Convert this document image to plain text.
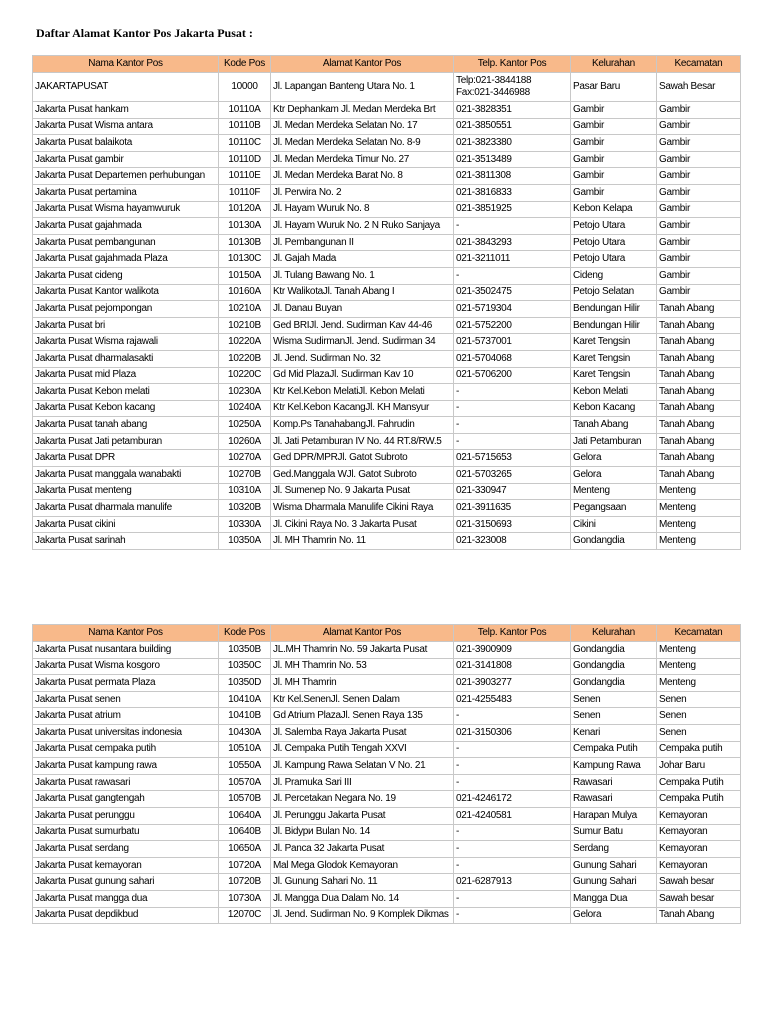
Daftar Alamat Kantor Pos Jakarta Pusat :
Nama Kantor Pos	Kode Pos	Alamat Kantor Pos	Telp. Kantor Pos	Kelurahan	Kecamatan
JAKARTAPUSAT	10000	Jl. Lapangan Banteng Utara No. 1	Telp:021-3844188
Fax:021-3446988	Pasar Baru	Sawah Besar
Jakarta Pusat hankam	10110A	Ktr Dephankam Jl. Medan Merdeka Brt	021-3828351	Gambir	Gambir
Jakarta Pusat Wisma antara	10110B	Jl. Medan Merdeka Selatan No. 17	021-3850551	Gambir	Gambir
Jakarta Pusat balaikota	10110C	Jl. Medan Merdeka Selatan No. 8-9	021-3823380	Gambir	Gambir
Jakarta Pusat gambir	10110D	Jl. Medan Merdeka Timur No. 27	021-3513489	Gambir	Gambir
Jakarta Pusat Departemen perhubungan	10110E	Jl. Medan Merdeka Barat No. 8	021-3811308	Gambir	Gambir
Jakarta Pusat pertamina	10110F	Jl. Perwira No. 2	021-3816833	Gambir	Gambir
Jakarta Pusat Wisma hayamwuruk	10120A	Jl. Hayam Wuruk No. 8	021-3851925	Kebon Kelapa	Gambir
Jakarta Pusat gajahmada	10130A	Jl. Hayam Wuruk No. 2 N Ruko Sanjaya	-	Petojo Utara	Gambir
Jakarta Pusat pembangunan	10130B	Jl. Pembangunan II	021-3843293	Petojo Utara	Gambir
Jakarta Pusat gajahmada Plaza	10130C	Jl. Gajah Mada	021-3211011	Petojo Utara	Gambir
Jakarta Pusat cideng	10150A	Jl. Tulang Bawang No. 1	-	Cideng	Gambir
Jakarta Pusat Kantor walikota	10160A	Ktr WalikotaJl. Tanah Abang I	021-3502475	Petojo Selatan	Gambir
Jakarta Pusat pejompongan	10210A	Jl. Danau Buyan	021-5719304	Bendungan Hilir	Tanah Abang
Jakarta Pusat bri	10210B	Ged BRIJl. Jend. Sudirman Kav 44-46	021-5752200	Bendungan Hilir	Tanah Abang
Jakarta Pusat Wisma rajawali	10220A	Wisma SudirmanJl. Jend. Sudirman 34	021-5737001	Karet Tengsin	Tanah Abang
Jakarta Pusat dharmalasakti	10220B	Jl. Jend. Sudirman No. 32	021-5704068	Karet Tengsin	Tanah Abang
Jakarta Pusat mid Plaza	10220C	Gd Mid PlazaJl. Sudirman Kav 10	021-5706200	Karet Tengsin	Tanah Abang
Jakarta Pusat Kebon melati	10230A	Ktr Kel.Kebon MelatiJl. Kebon Melati	-	Kebon Melati	Tanah Abang
Jakarta Pusat Kebon kacang	10240A	Ktr Kel.Kebon KacangJl. KH Mansyur	-	Kebon Kacang	Tanah Abang
Jakarta Pusat tanah abang	10250A	Komp.Ps TanahabangJl. Fahrudin	-	Tanah Abang	Tanah Abang
Jakarta Pusat Jati petamburan	10260A	Jl. Jati Petamburan IV No. 44 RT.8/RW.5	-	Jati Petamburan	Tanah Abang
Jakarta Pusat DPR	10270A	Ged DPR/MPRJl. Gatot Subroto	021-5715653	Gelora	Tanah Abang
Jakarta Pusat manggala wanabakti	10270B	Ged.Manggala WJl. Gatot Subroto	021-5703265	Gelora	Tanah Abang
Jakarta Pusat menteng	10310A	Jl. Sumenep No. 9 Jakarta Pusat	021-330947	Menteng	Menteng
Jakarta Pusat dharmala manulife	10320B	Wisma Dharmala Manulife Cikini Raya	021-3911635	Pegangsaan	Menteng
Jakarta Pusat cikini	10330A	Jl. Cikini Raya No. 3 Jakarta Pusat	021-3150693	Cikini	Menteng
Jakarta Pusat sarinah	10350A	Jl. MH Thamrin No. 11	021-323008	Gondangdia	Menteng
Nama Kantor Pos	Kode Pos	Alamat Kantor Pos	Telp. Kantor Pos	Kelurahan	Kecamatan
Jakarta Pusat nusantara building	10350B	JL.MH Thamrin No. 59 Jakarta Pusat	021-3900909	Gondangdia	Menteng
Jakarta Pusat Wisma kosgoro	10350C	Jl. MH Thamrin No. 53	021-3141808	Gondangdia	Menteng
Jakarta Pusat permata Plaza	10350D	Jl. MH Thamrin	021-3903277	Gondangdia	Menteng
Jakarta Pusat senen	10410A	Ktr Kel.SenenJl. Senen Dalam	021-4255483	Senen	Senen
Jakarta Pusat atrium	10410B	Gd Atrium PlazaJl. Senen Raya 135	-	Senen	Senen
Jakarta Pusat universitas indonesia	10430A	Jl. Salemba Raya Jakarta Pusat	021-3150306	Kenari	Senen
Jakarta Pusat cempaka putih	10510A	Jl. Cempaka Putih Tengah XXVI	-	Cempaka Putih	Cempaka putih
Jakarta Pusat kampung rawa	10550A	Jl. Kampung Rawa Selatan V No. 21	-	Kampung Rawa	Johar Baru
Jakarta Pusat rawasari	10570A	Jl. Pramuka Sari III	-	Rawasari	Cempaka Putih
Jakarta Pusat gangtengah	10570B	Jl. Percetakan Negara No. 19	021-4246172	Rawasari	Cempaka Putih
Jakarta Pusat perunggu	10640A	Jl. Perunggu Jakarta Pusat	021-4240581	Harapan Mulya	Kemayoran
Jakarta Pusat sumurbatu	10640B	Jl. Bidури Bulan No. 14	-	Sumur Batu	Kemayoran
Jakarta Pusat serdang	10650A	Jl. Panca 32 Jakarta Pusat	-	Serdang	Kemayoran
Jakarta Pusat kemayoran	10720A	Mal Mega Glodok Kemayoran	-	Gunung Sahari	Kemayoran
Jakarta Pusat gunung sahari	10720B	Jl. Gunung Sahari No. 11	021-6287913	Gunung Sahari	Sawah besar
Jakarta Pusat mangga dua	10730A	Jl. Mangga Dua Dalam No. 14	-	Mangga Dua	Sawah besar
Jakarta Pusat depdikbud	12070C	Jl. Jend. Sudirman No. 9 Komplek Dikmas	-	Gelora	Tanah Abang
